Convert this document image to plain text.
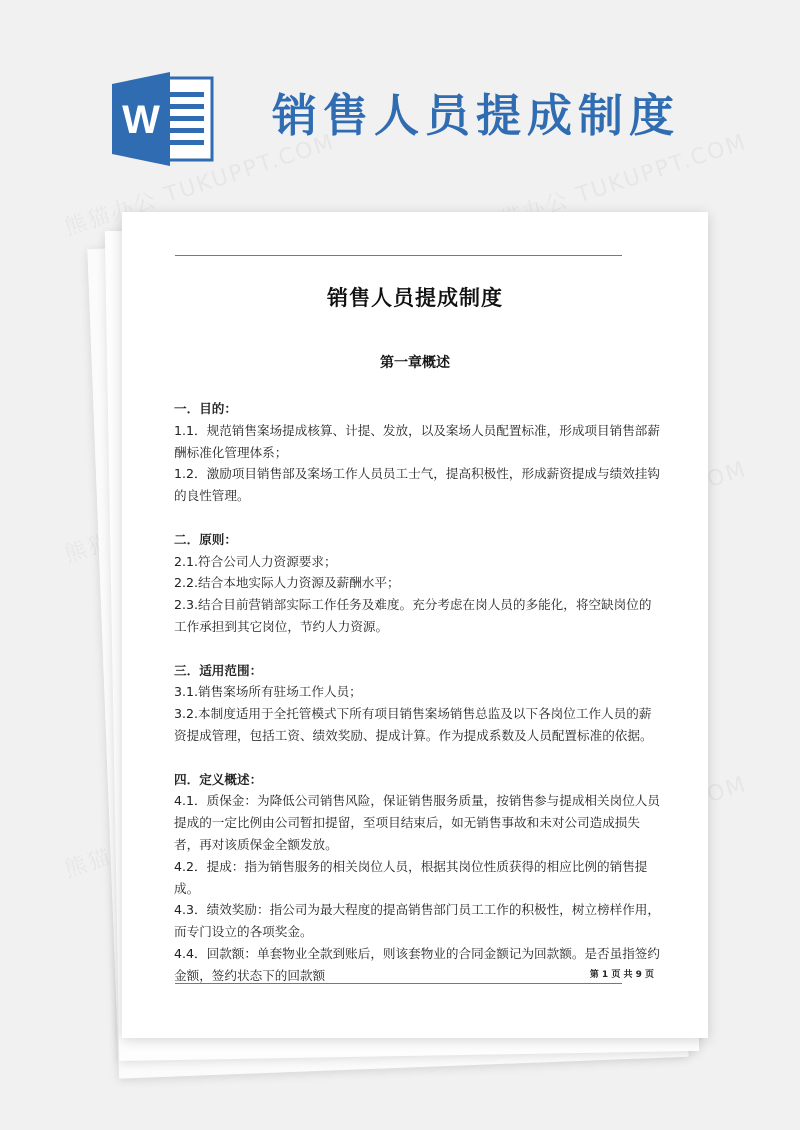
W 销售人员提成制度
销售人员提成制度
第一章概述

一．目的：

1.1．规范销售案场提成核算、计提、发放，以及案场人员配置标准，形成项目销售部薪酬标准化管理体系；

1.2．激励项目销售部及案场工作人员员工士气，提高积极性，形成薪资提成与绩效挂钩的良性管理。

二．原则：

2.1.符合公司人力资源要求；

2.2.结合本地实际人力资源及薪酬水平；

2.3.结合目前营销部实际工作任务及难度。充分考虑在岗人员的多能化，将空缺岗位的工作承担到其它岗位，节约人力资源。

三．适用范围：

3.1.销售案场所有驻场工作人员；

3.2.本制度适用于全托管模式下所有项目销售案场销售总监及以下各岗位工作人员的薪资提成管理，包括工资、绩效奖励、提成计算。作为提成系数及人员配置标准的依据。

四．定义概述：

4.1．质保金：为降低公司销售风险，保证销售服务质量，按销售参与提成相关岗位人员提成的一定比例由公司暂扣提留，至项目结束后，如无销售事故和未对公司造成损失者，再对该质保金全额发放。

4.2．提成：指为销售服务的相关岗位人员，根据其岗位性质获得的相应比例的销售提成。

4.3．绩效奖励：指公司为最大程度的提高销售部门员工工作的积极性，树立榜样作用，而专门设立的各项奖金。

4.4．回款额：单套物业全款到账后，则该套物业的合同金额记为回款额。是否虽指签约金额，签约状态下的回款额	第 1 页 共 9 页
